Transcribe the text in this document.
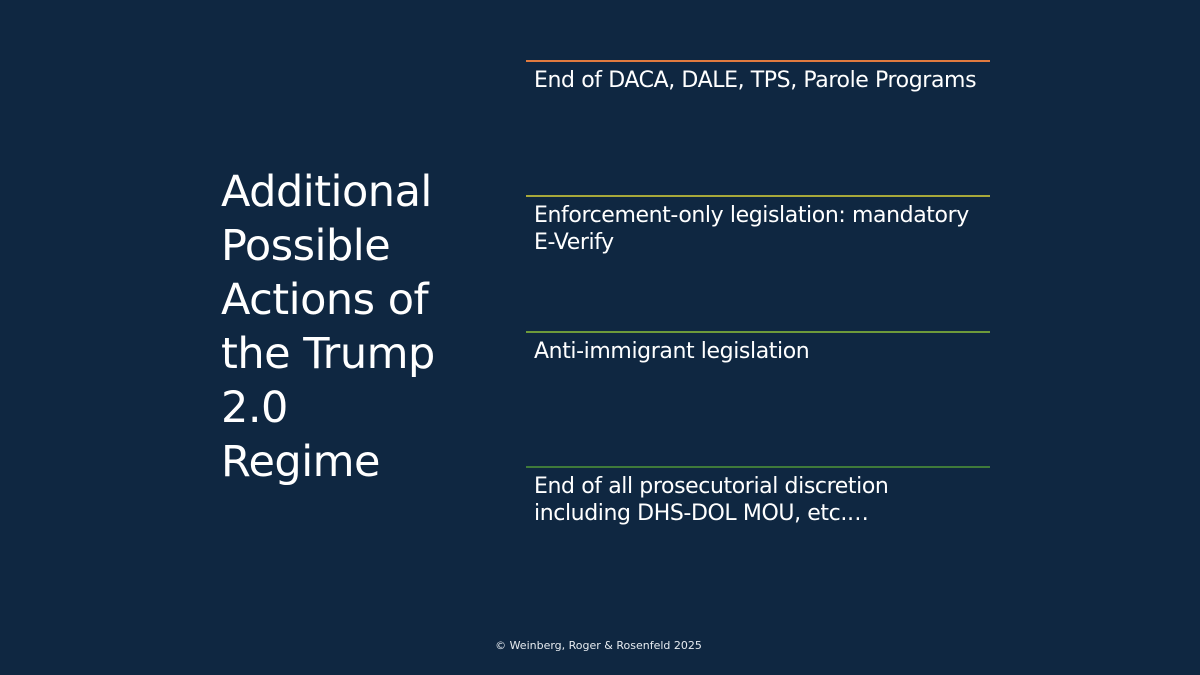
Additional Possible Actions of the Trump 2.0 Regime

End of DACA, DALE, TPS, Parole Programs

Enforcement-only legislation: mandatory E-Verify

Anti-immigrant legislation

End of all prosecutorial discretion including DHS-DOL MOU, etc.…

© Weinberg, Roger & Rosenfeld 2025
